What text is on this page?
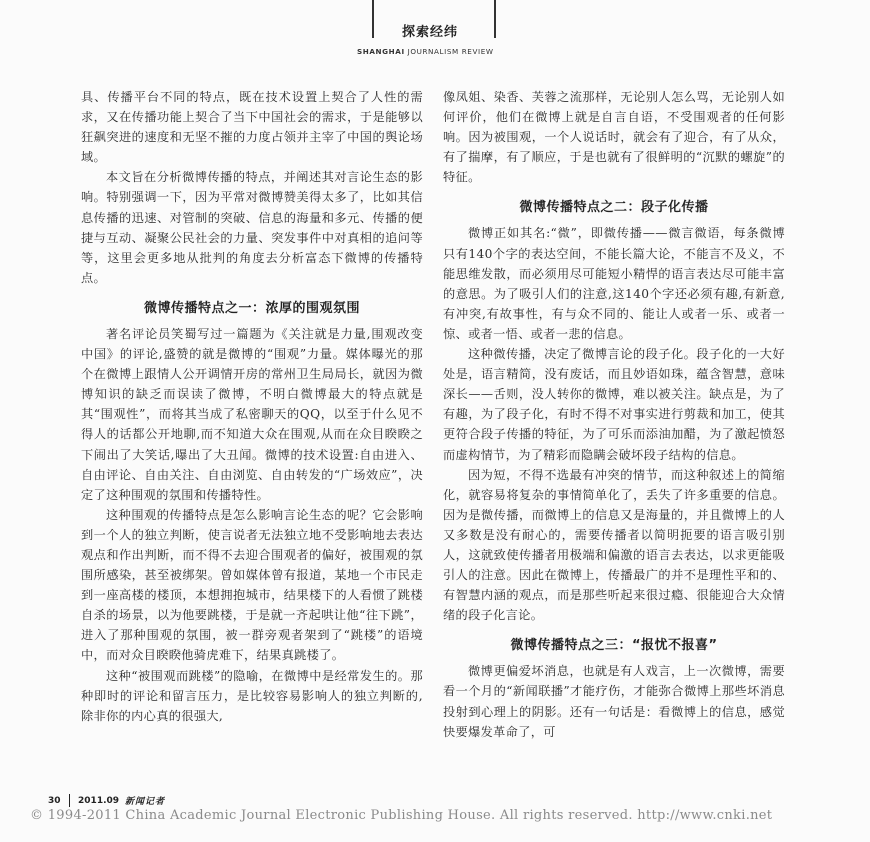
探索经纬
SHANGHAI JOURNALISM REVIEW

具、传播平台不同的特点，既在技术设置上契合了人性的需求，又在传播功能上契合了当下中国社会的需求，于是能够以狂飙突进的速度和无坚不摧的力度占领并主宰了中国的舆论场域。

本文旨在分析微博传播的特点，并阐述其对言论生态的影响。特别强调一下，因为平常对微博赞美得太多了，比如其信息传播的迅速、对管制的突破、信息的海量和多元、传播的便捷与互动、凝聚公民社会的力量、突发事件中对真相的追问等等，这里会更多地从批判的角度去分析富态下微博的传播特点。

微博传播特点之一：浓厚的围观氛围

著名评论员笑蜀写过一篇题为《关注就是力量,围观改变中国》的评论,盛赞的就是微博的“围观”力量。媒体曝光的那个在微博上跟情人公开调情开房的常州卫生局局长，就因为微博知识的缺乏而误读了微博，不明白微博最大的特点就是其“围观性”，而将其当成了私密聊天的QQ，以至于什么见不得人的话都公开地聊,而不知道大众在围观,从而在众目睽睽之下闹出了大笑话,曝出了大丑闻。微博的技术设置:自由进入、自由评论、自由关注、自由浏览、自由转发的“广场效应”，决定了这种围观的氛围和传播特性。

这种围观的传播特点是怎么影响言论生态的呢？它会影响到一个人的独立判断，使言说者无法独立地不受影响地去表达观点和作出判断，而不得不去迎合围观者的偏好，被围观的氛围所感染，甚至被绑架。曾如媒体曾有报道，某地一个市民走到一座高楼的楼顶，本想拥抱城市，结果楼下的人看惯了跳楼自杀的场景，以为他要跳楼，于是就一齐起哄让他“往下跳”，进入了那种围观的氛围，被一群旁观者架到了“跳楼”的语境中，而对众目睽睽他骑虎难下，结果真跳楼了。

这种“被围观而跳楼”的隐喻，在微博中是经常发生的。那种即时的评论和留言压力，是比较容易影响人的独立判断的,除非你的内心真的很强大,

像凤姐、染香、芙蓉之流那样，无论别人怎么骂，无论别人如何评价，他们在微博上就是自言自语，不受围观者的任何影响。因为被围观，一个人说话时，就会有了迎合，有了从众，有了揣摩，有了顺应，于是也就有了很鲜明的“沉默的螺旋”的特征。

微博传播特点之二：段子化传播

微博正如其名:“微”，即微传播——微言微语，每条微博只有140个字的表达空间，不能长篇大论，不能言不及义，不能思维发散，而必须用尽可能短小精悍的语言表达尽可能丰富的意思。为了吸引人们的注意,这140个字还必须有趣,有新意,有冲突,有故事性，有与众不同的、能让人或者一乐、或者一惊、或者一悟、或者一悲的信息。

这种微传播，决定了微博言论的段子化。段子化的一大好处是，语言精简，没有废话，而且妙语如珠，蕴含智慧，意味深长——舌则，没人转你的微博，难以被关注。缺点是，为了有趣，为了段子化，有时不得不对事实进行剪裁和加工，使其更符合段子传播的特征，为了可乐而添油加醋，为了激起愤怒而虚构情节，为了精彩而隐瞒会破坏段子结构的信息。

因为短，不得不选最有冲突的情节，而这种叙述上的简缩化，就容易将复杂的事情简单化了，丢失了许多重要的信息。因为是微传播，而微博上的信息又是海量的，并且微博上的人又多数是没有耐心的，需要传播者以简明扼要的语言吸引别人，这就致使传播者用极端和偏激的语言去表达，以求更能吸引人的注意。因此在微博上，传播最广的并不是理性平和的、有智慧内涵的观点，而是那些听起来很过瘾、很能迎合大众情绪的段子化言论。

微博传播特点之三：“报忧不报喜”

微博更偏爱坏消息，也就是有人戏言，上一次微博，需要看一个月的“新闻联播”才能疗伤，才能弥合微博上那些坏消息投射到心理上的阴影。还有一句话是：看微博上的信息，感觉快要爆发革命了，可

30 2011.09 新闻记者
© 1994-2011 China Academic Journal Electronic Publishing House. All rights reserved. http://www.cnki.net
